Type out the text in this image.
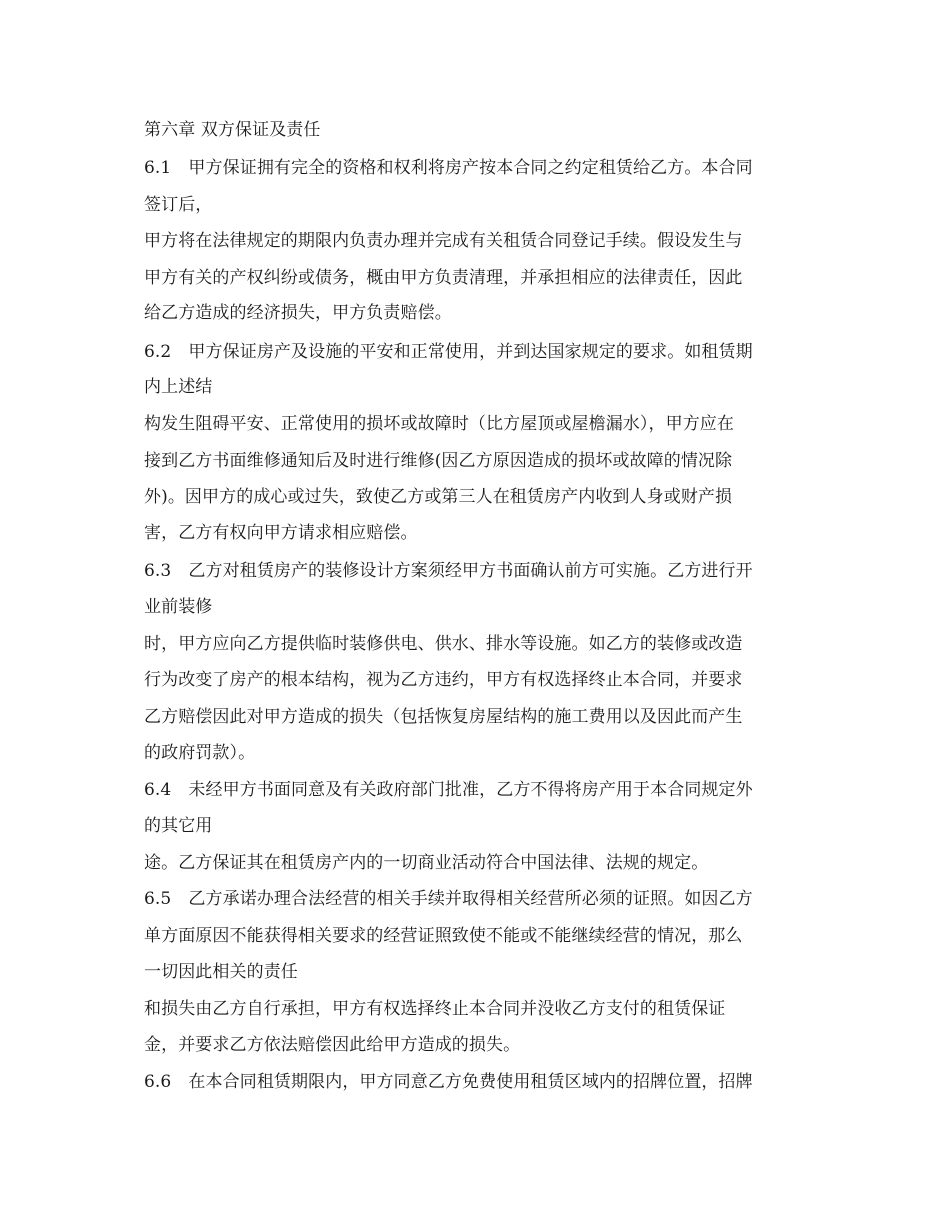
第六章 双方保证及责任
6.1　甲方保证拥有完全的资格和权利将房产按本合同之约定租赁给乙方。本合同
签订后，
甲方将在法律规定的期限内负责办理并完成有关租赁合同登记手续。假设发生与
甲方有关的产权纠纷或债务，概由甲方负责清理，并承担相应的法律责任，因此
给乙方造成的经济损失，甲方负责赔偿。
6.2　甲方保证房产及设施的平安和正常使用，并到达国家规定的要求。如租赁期
内上述结
构发生阻碍平安、正常使用的损坏或故障时（比方屋顶或屋檐漏水），甲方应在
接到乙方书面维修通知后及时进行维修(因乙方原因造成的损坏或故障的情况除
外)。因甲方的成心或过失，致使乙方或第三人在租赁房产内收到人身或财产损
害，乙方有权向甲方请求相应赔偿。
6.3　乙方对租赁房产的装修设计方案须经甲方书面确认前方可实施。乙方进行开
业前装修
时，甲方应向乙方提供临时装修供电、供水、排水等设施。如乙方的装修或改造
行为改变了房产的根本结构，视为乙方违约，甲方有权选择终止本合同，并要求
乙方赔偿因此对甲方造成的损失（包括恢复房屋结构的施工费用以及因此而产生
的政府罚款）。
6.4　未经甲方书面同意及有关政府部门批准，乙方不得将房产用于本合同规定外
的其它用
途。乙方保证其在租赁房产内的一切商业活动符合中国法律、法规的规定。
6.5　乙方承诺办理合法经营的相关手续并取得相关经营所必须的证照。如因乙方
单方面原因不能获得相关要求的经营证照致使不能或不能继续经营的情况，那么
一切因此相关的责任
和损失由乙方自行承担，甲方有权选择终止本合同并没收乙方支付的租赁保证
金，并要求乙方依法赔偿因此给甲方造成的损失。
6.6　在本合同租赁期限内，甲方同意乙方免费使用租赁区域内的招牌位置，招牌
